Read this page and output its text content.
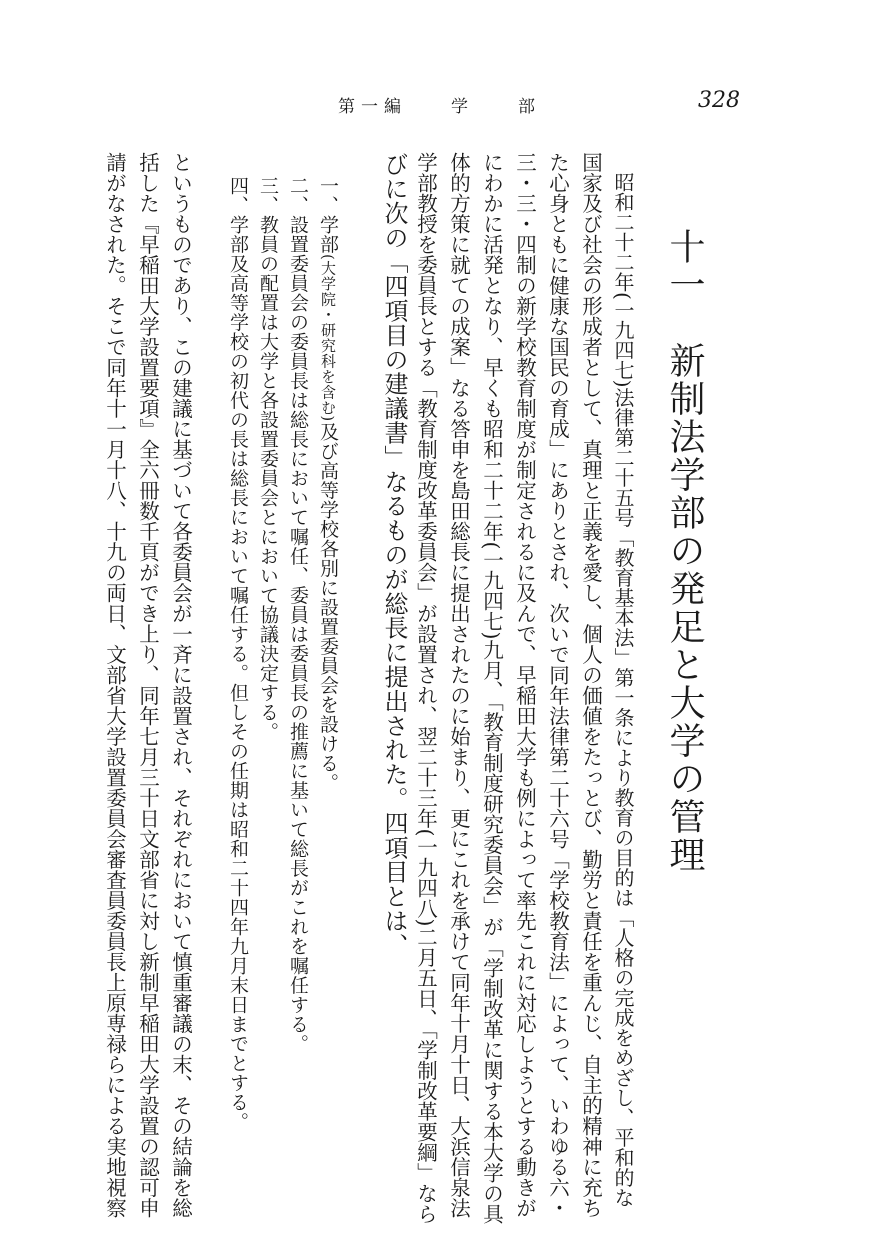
第一編	学	部	328
十一　新制法学部の発足と大学の管理
　昭和二十二年(一九四七)法律第二十五号「教育基本法」第一条により教育の目的は「人格の完成をめざし、平和的な
国家及び社会の形成者として、真理と正義を愛し、個人の価値をたっとび、勤労と責任を重んじ、自主的精神に充ち
た心身ともに健康な国民の育成」にありとされ、次いで同年法律第二十六号「学校教育法」によって、いわゆる六・
三・三・四制の新学校教育制度が制定されるに及んで、早稲田大学も例によって率先これに対応しようとする動きが
にわかに活発となり、早くも昭和二十二年(一九四七)九月、「教育制度研究委員会」が「学制改革に関する本大学の具
体的方策に就ての成案」なる答申を島田総長に提出されたのに始まり、更にこれを承けて同年十月十日、大浜信泉法
学部教授を委員長とする「教育制度改革委員会」が設置され、翌二十三年(一九四八)二月五日、「学制改革要綱」なら
びに次の「四項目の建議書」なるものが総長に提出された。四項目とは、
一、学部(大学院・研究科を含む)及び高等学校各別に設置委員会を設ける。
二、設置委員会の委員長は総長において嘱任、委員は委員長の推薦に基いて総長がこれを嘱任する。
三、教員の配置は大学と各設置委員会とにおいて協議決定する。
四、学部及高等学校の初代の長は総長において嘱任する。但しその任期は昭和二十四年九月末日までとする。
というものであり、この建議に基づいて各委員会が一斉に設置され、それぞれにおいて慎重審議の末、その結論を総
括した『早稲田大学設置要項』全六冊数千頁ができ上り、同年七月三十日文部省に対し新制早稲田大学設置の認可申
請がなされた。そこで同年十一月十八、十九の両日、文部省大学設置委員会審査員委員長上原専禄らによる実地視察
